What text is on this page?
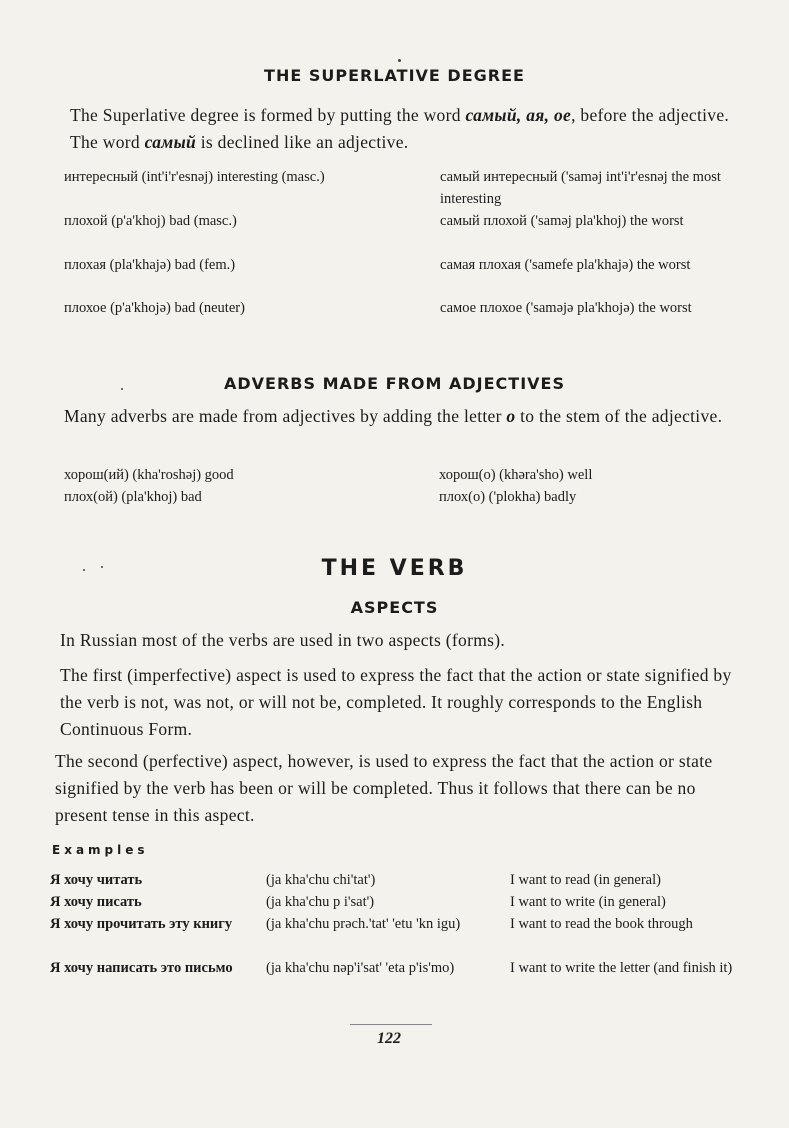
THE SUPERLATIVE DEGREE
The Superlative degree is formed by putting the word самый, ая, ое, before the adjective. The word самый is declined like an adjective.
интересный (int'i'r'esnəj) interesting (masc.)	самый интересный ('saməj int'i'r'esnəj the most interesting
плохой (p'a'khoj) bad (masc.)	самый плохой ('saməj pla'khoj) the worst
плохая (pla'khajə) bad (fem.)	самая плохая ('samefe pla'khajə) the worst
плохое (p'a'khojə) bad (neuter)	самое плохое ('saməjə pla'khojə) the worst
ADVERBS MADE FROM ADJECTIVES
Many adverbs are made from adjectives by adding the letter o to the stem of the adjective.
хорош(ий) (kha'roshəj) good	хорош(о) (khəra'sho) well
плох(ой) (pla'khoj) bad	плох(о) ('plokha) badly
THE VERB
ASPECTS
In Russian most of the verbs are used in two aspects (forms).
The first (imperfective) aspect is used to express the fact that the action or state signified by the verb is not, was not, or will not be, completed. It roughly corresponds to the English Continuous Form.
The second (perfective) aspect, however, is used to express the fact that the action or state signified by the verb has been or will be completed. Thus it follows that there can be no present tense in this aspect.
Examples
Я хочу читать	(ja kha'chu chi'tat')	I want to read (in general)
Я хочу писать	(ja kha'chu p i'sat')	I want to write (in general)
Я хочу прочитать эту книгу	(ja kha'chu prəch.'tat' 'etu 'kn igu)	I want to read the book through
Я хочу написать это письмо	(ja kha'chu nəp'i'sat' 'eta p'is'mo)	I want to write the letter (and finish it)
122
